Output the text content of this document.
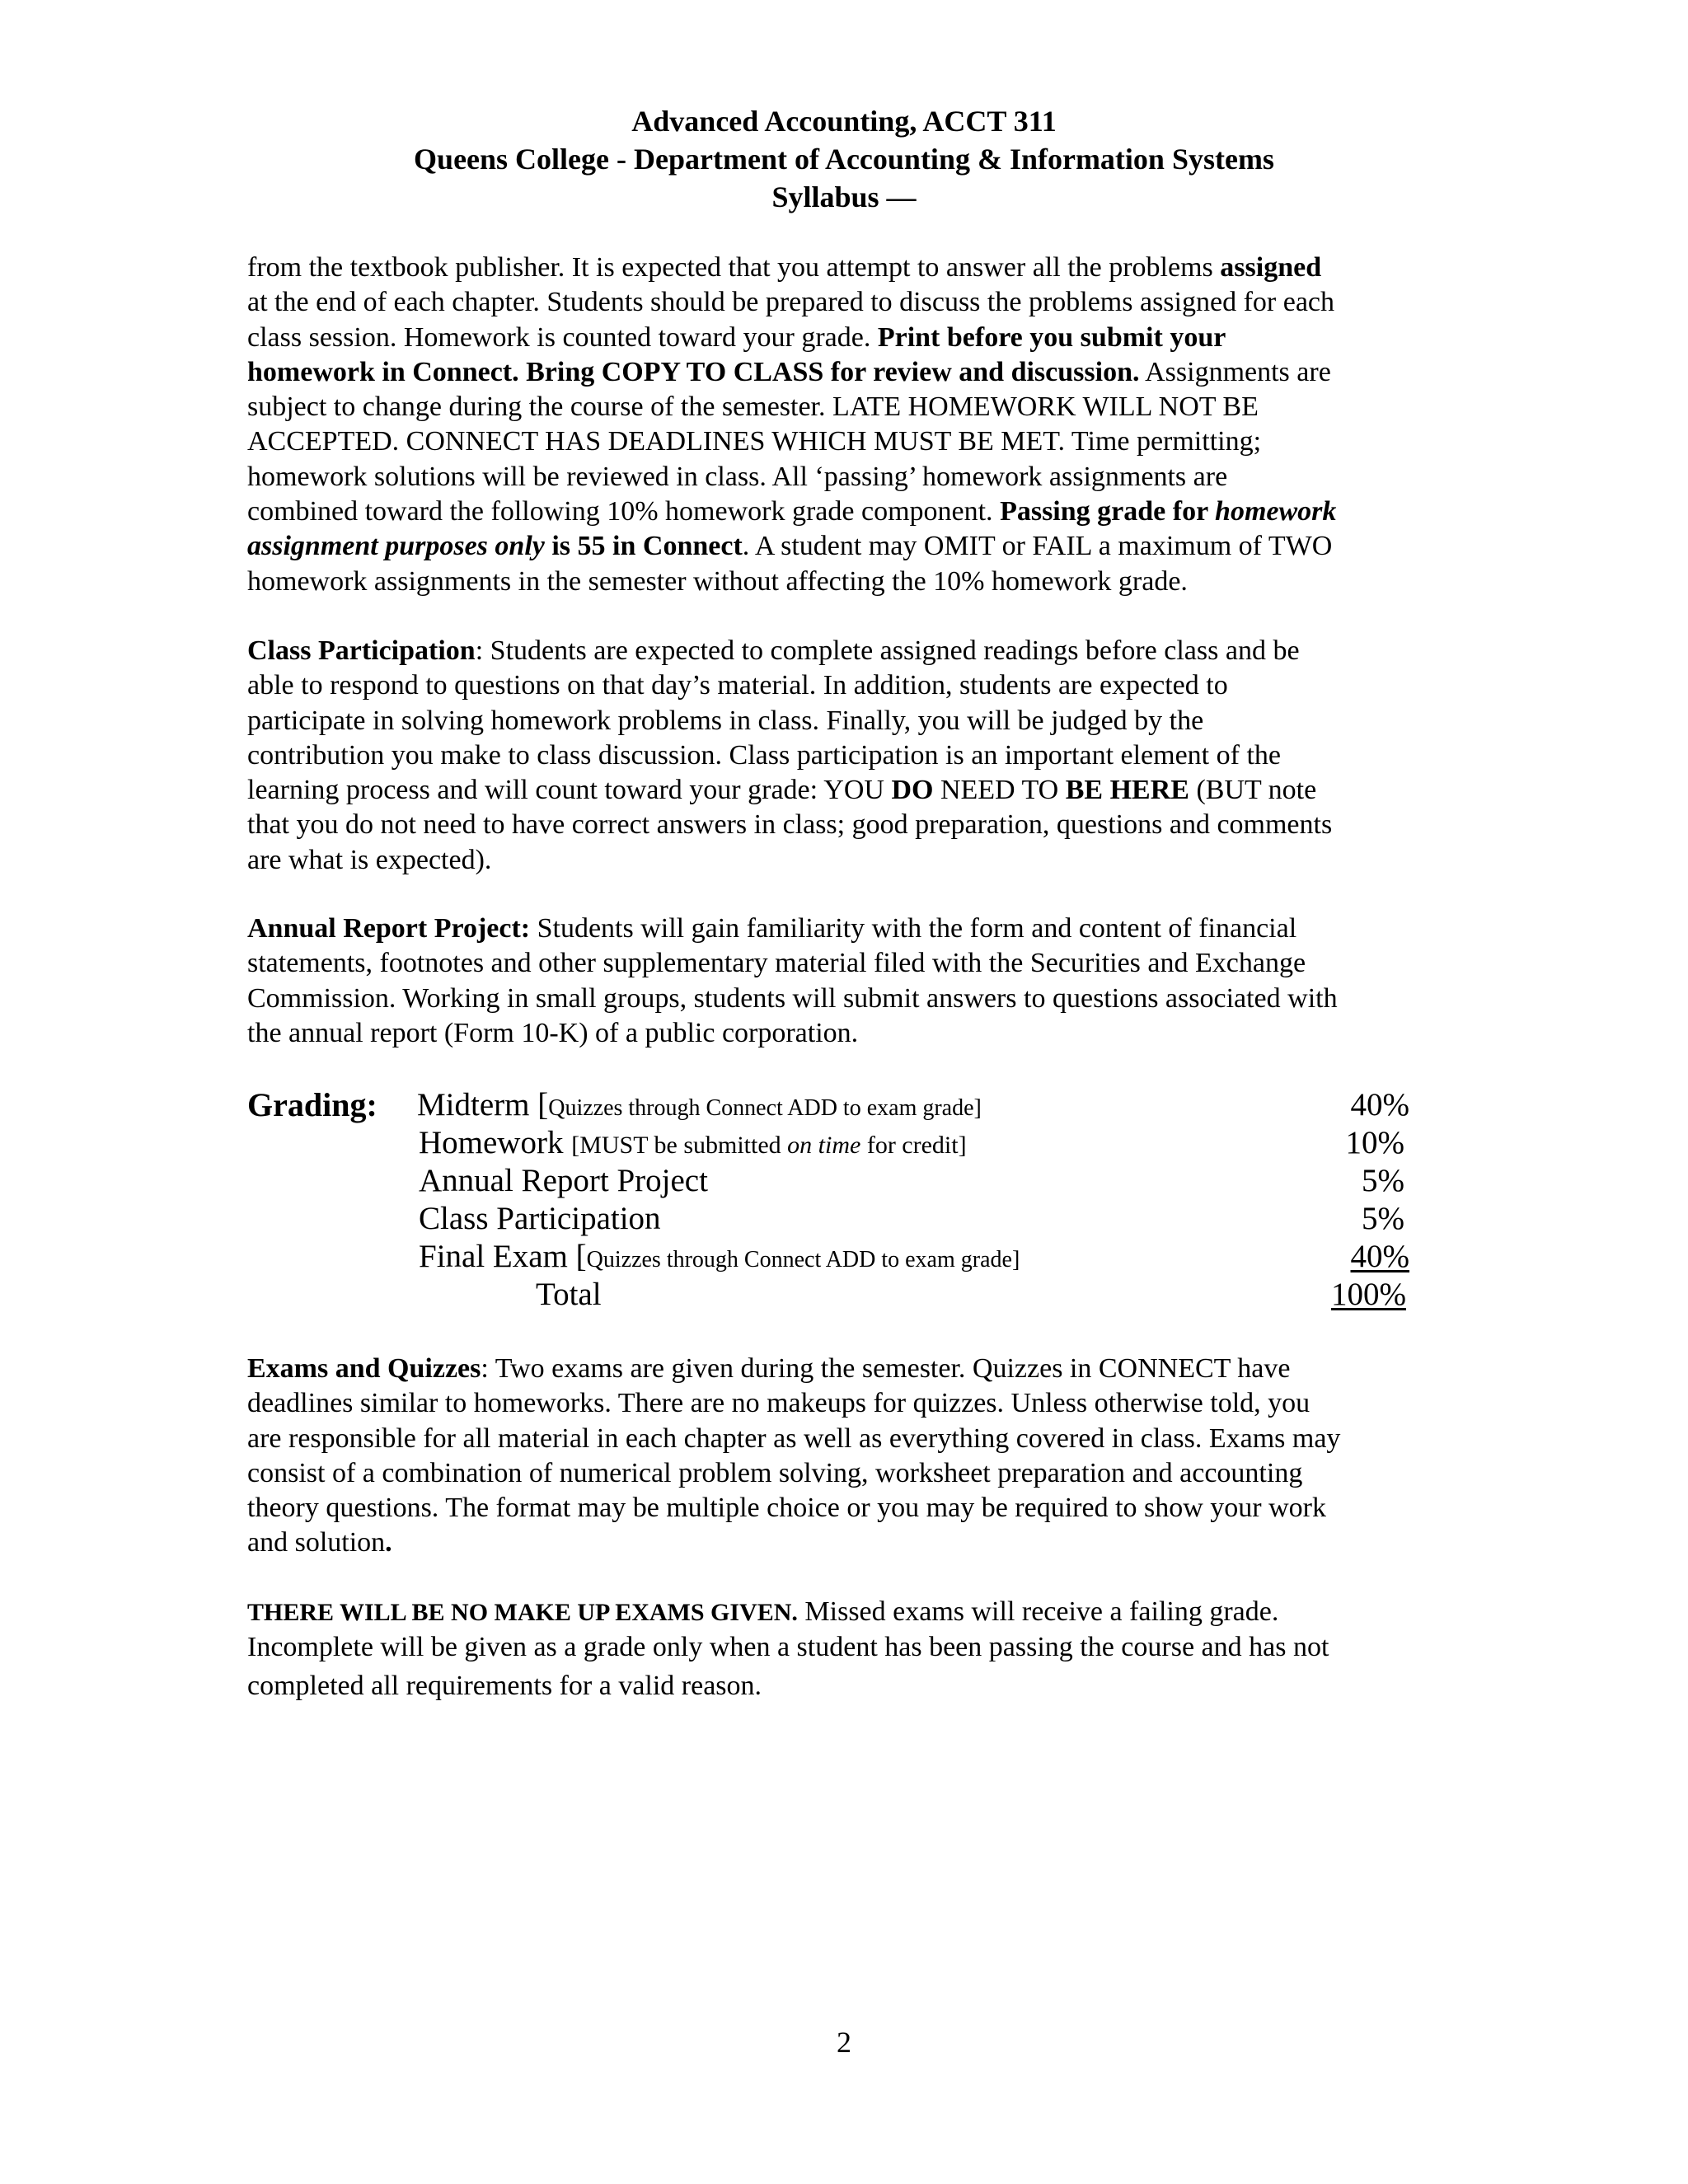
Advanced Accounting, ACCT 311
Queens College - Department of Accounting & Information Systems
Syllabus —
from the textbook publisher. It is expected that you attempt to answer all the problems assigned
at the end of each chapter. Students should be prepared to discuss the problems assigned for each
class session. Homework is counted toward your grade. Print before you submit your
homework in Connect. Bring COPY TO CLASS for review and discussion. Assignments are
subject to change during the course of the semester. LATE HOMEWORK WILL NOT BE
ACCEPTED. CONNECT HAS DEADLINES WHICH MUST BE MET. Time permitting;
homework solutions will be reviewed in class. All ‘passing’ homework assignments are
combined toward the following 10% homework grade component. Passing grade for homework
assignment purposes only is 55 in Connect. A student may OMIT or FAIL a maximum of TWO
homework assignments in the semester without affecting the 10% homework grade.
Class Participation: Students are expected to complete assigned readings before class and be
able to respond to questions on that day’s material. In addition, students are expected to
participate in solving homework problems in class. Finally, you will be judged by the
contribution you make to class discussion. Class participation is an important element of the
learning process and will count toward your grade: YOU DO NEED TO BE HERE (BUT note
that you do not need to have correct answers in class; good preparation, questions and comments
are what is expected).
Annual Report Project: Students will gain familiarity with the form and content of financial
statements, footnotes and other supplementary material filed with the Securities and Exchange
Commission. Working in small groups, students will submit answers to questions associated with
the annual report (Form 10-K) of a public corporation.
Grading: Midterm [Quizzes through Connect ADD to exam grade]	40%
Homework [MUST be submitted on time for credit]	10%
Annual Report Project	5%
Class Participation	5%
Final Exam [Quizzes through Connect ADD to exam grade]	40%
Total	100%
Exams and Quizzes: Two exams are given during the semester. Quizzes in CONNECT have
deadlines similar to homeworks. There are no makeups for quizzes. Unless otherwise told, you
are responsible for all material in each chapter as well as everything covered in class. Exams may
consist of a combination of numerical problem solving, worksheet preparation and accounting
theory questions. The format may be multiple choice or you may be required to show your work
and solution.
THERE WILL BE NO MAKE UP EXAMS GIVEN. Missed exams will receive a failing grade.
Incomplete will be given as a grade only when a student has been passing the course and has not
completed all requirements for a valid reason.
2
